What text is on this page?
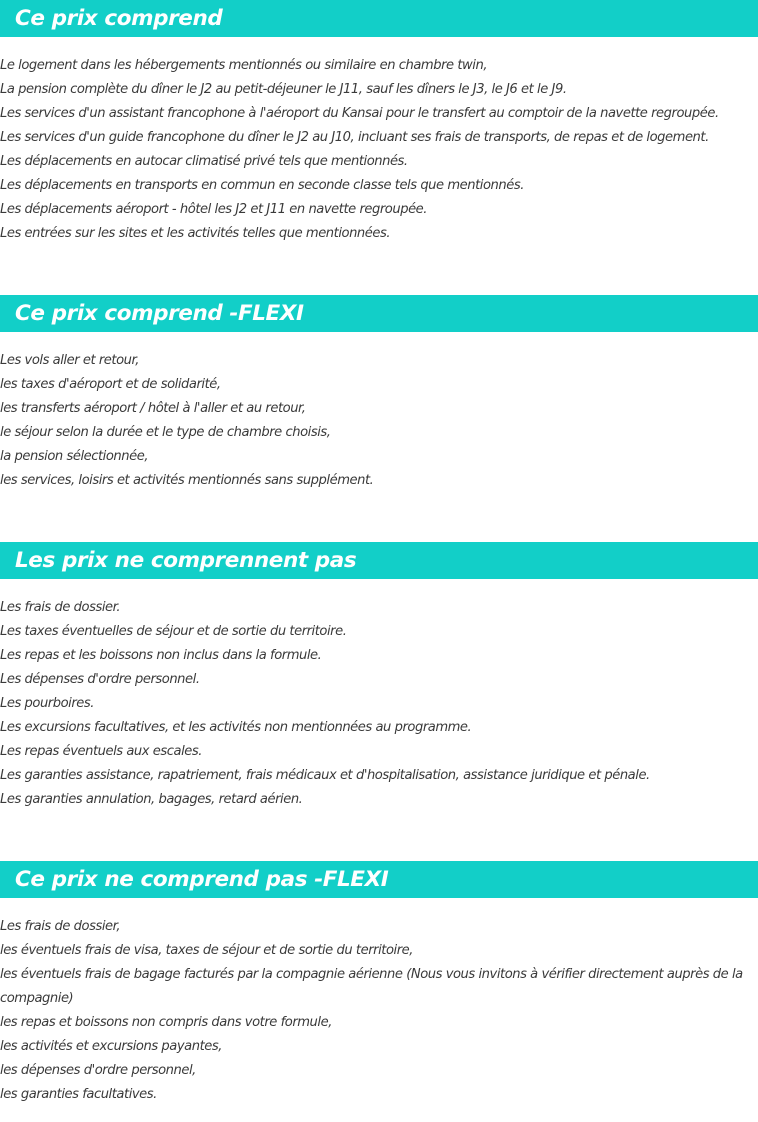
Ce prix comprend
Le logement dans les hébergements mentionnés ou similaire en chambre twin,
La pension complète du dîner le J2 au petit-déjeuner le J11, sauf les dîners le J3, le J6 et le J9.
Les services d'un assistant francophone à l'aéroport du Kansai pour le transfert au comptoir de la navette regroupée.
Les services d'un guide francophone du dîner le J2 au J10, incluant ses frais de transports, de repas et de logement.
Les déplacements en autocar climatisé privé tels que mentionnés.
Les déplacements en transports en commun en seconde classe tels que mentionnés.
Les déplacements aéroport - hôtel les J2 et J11 en navette regroupée.
Les entrées sur les sites et les activités telles que mentionnées.
Ce prix comprend -FLEXI
Les vols aller et retour,
les taxes d'aéroport et de solidarité,
les transferts aéroport / hôtel à l'aller et au retour,
le séjour selon la durée et le type de chambre choisis,
la pension sélectionnée,
les services, loisirs et activités mentionnés sans supplément.
Les prix ne comprennent pas
Les frais de dossier.
Les taxes éventuelles de séjour et de sortie du territoire.
Les repas et les boissons non inclus dans la formule.
Les dépenses d'ordre personnel.
Les pourboires.
Les excursions facultatives, et les activités non mentionnées au programme.
Les repas éventuels aux escales.
Les garanties assistance, rapatriement, frais médicaux et d'hospitalisation, assistance juridique et pénale.
Les garanties annulation, bagages, retard aérien.
Ce prix ne comprend pas -FLEXI
Les frais de dossier,
les éventuels frais de visa, taxes de séjour et de sortie du territoire,
les éventuels frais de bagage facturés par la compagnie aérienne (Nous vous invitons à vérifier directement auprès de la compagnie)
les repas et boissons non compris dans votre formule,
les activités et excursions payantes,
les dépenses d'ordre personnel,
les garanties facultatives.
